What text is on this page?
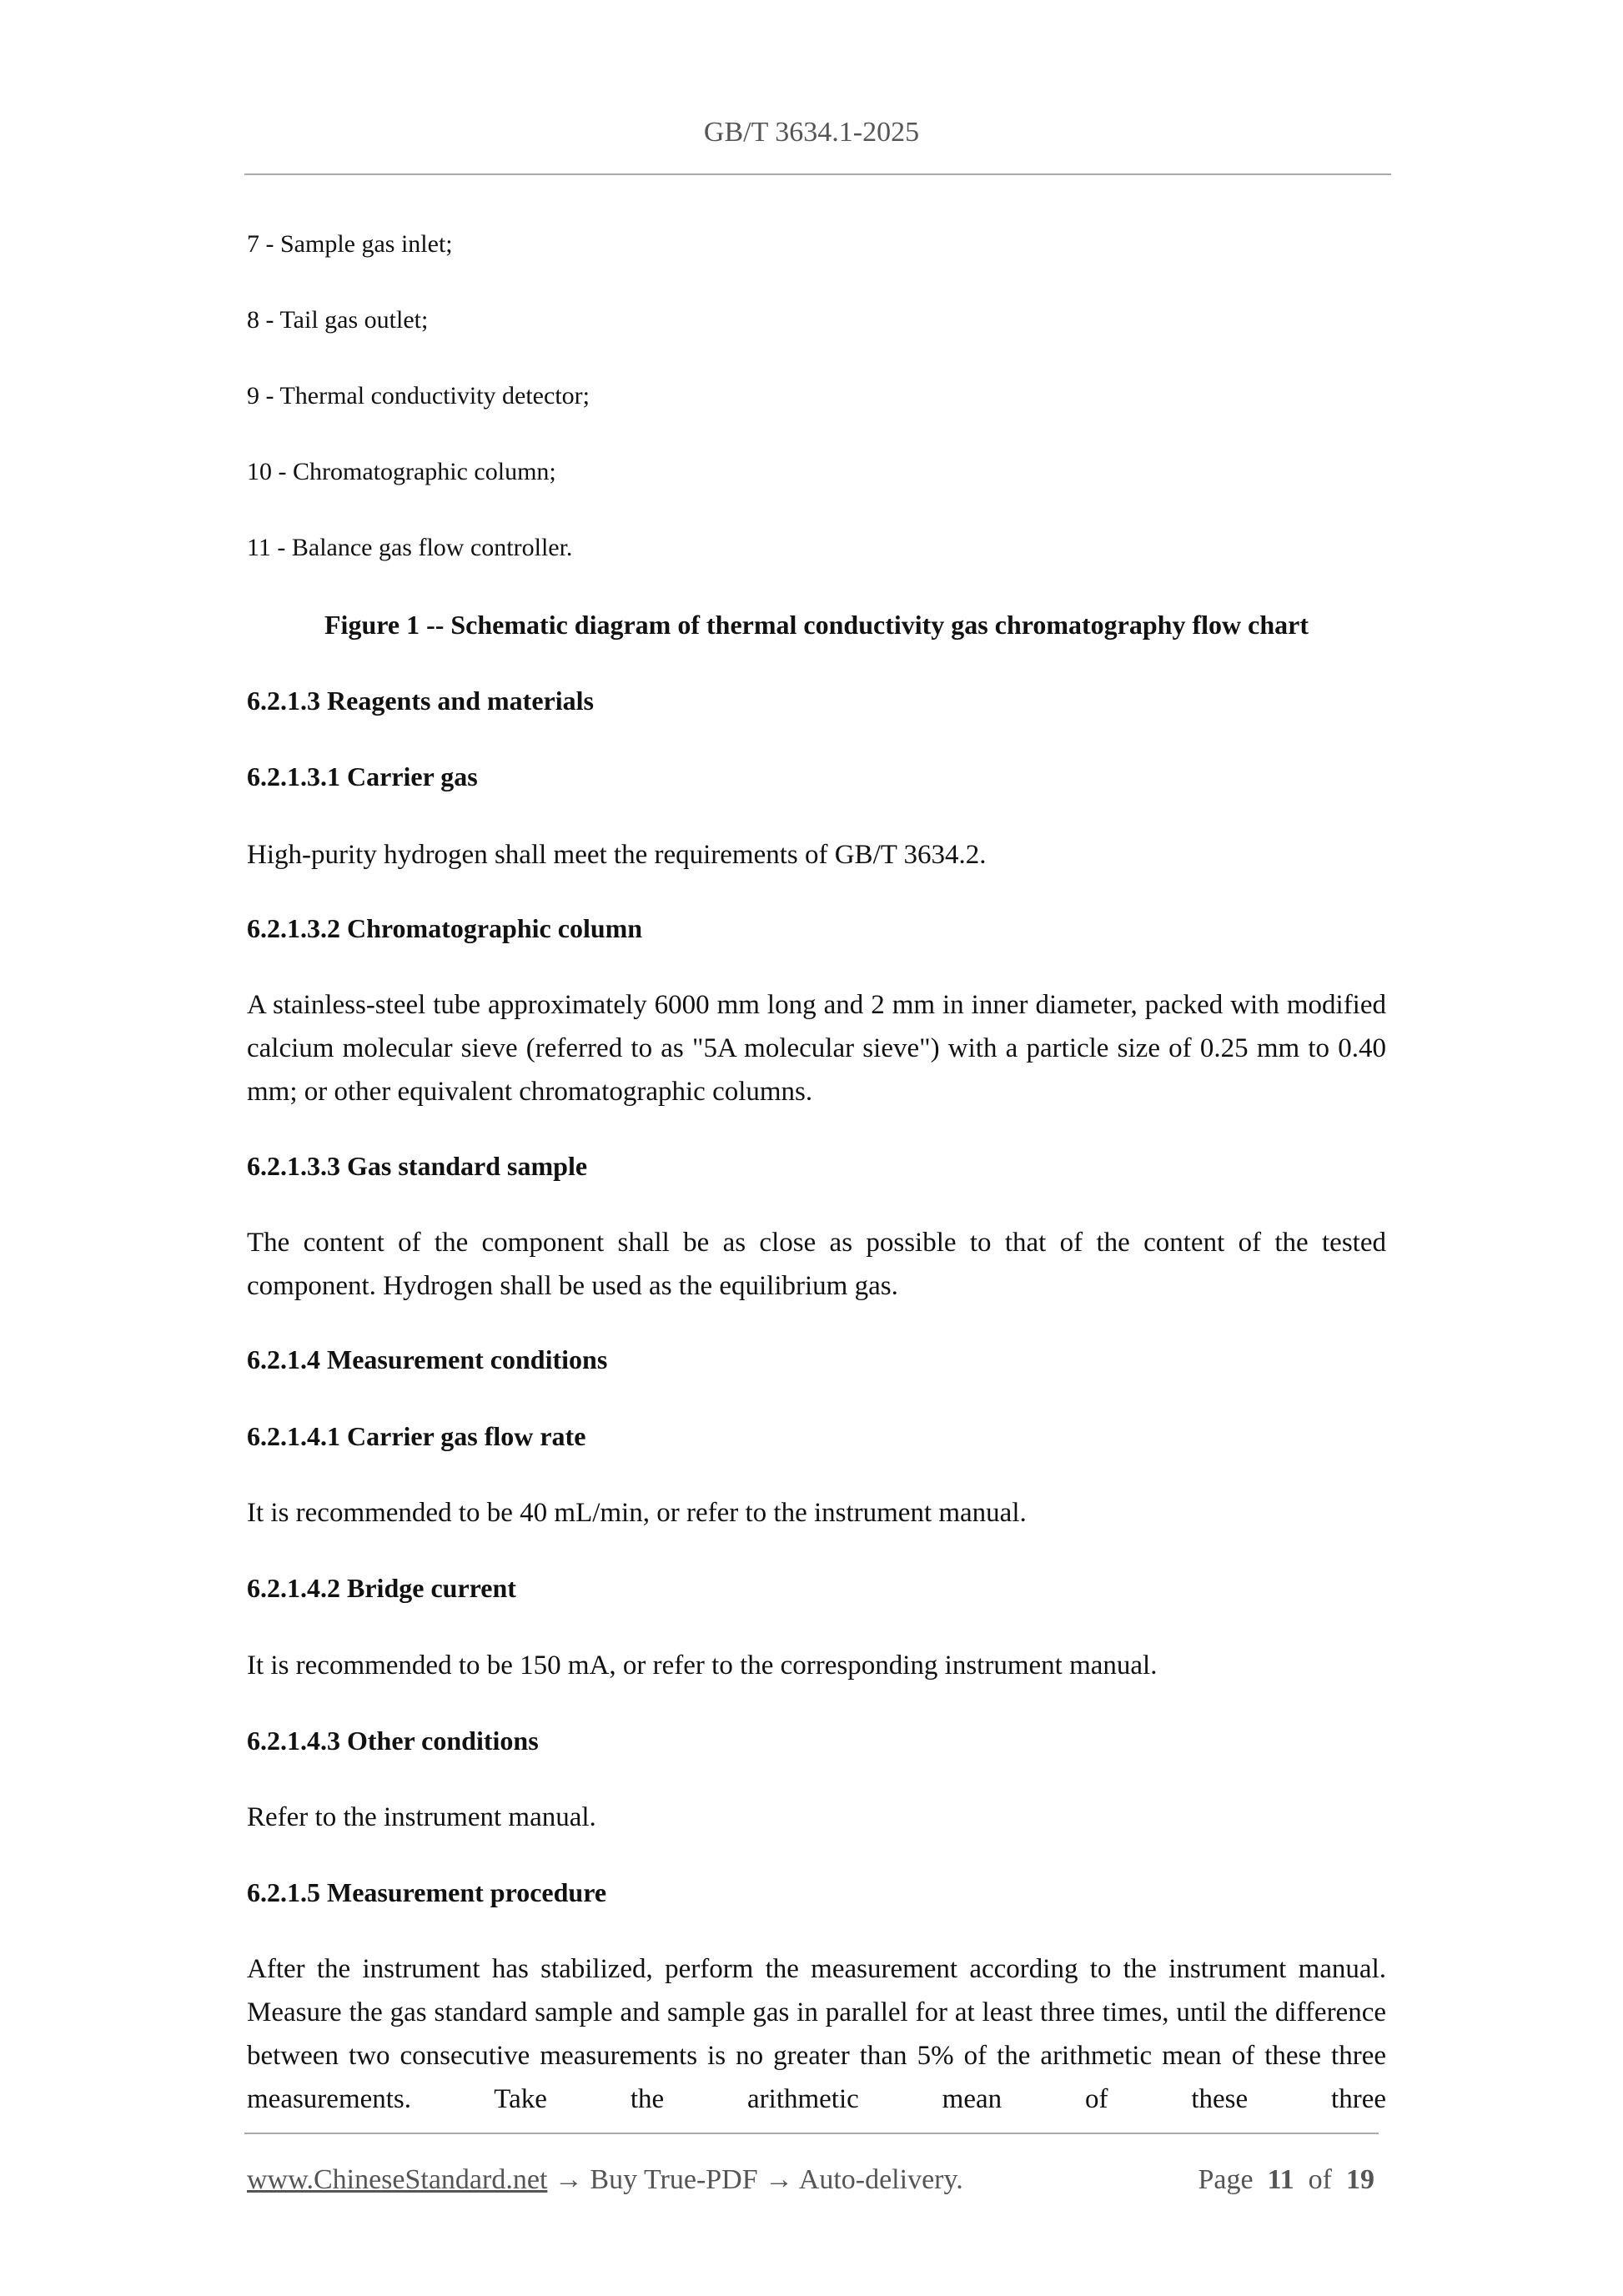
GB/T 3634.1-2025
7 - Sample gas inlet;
8 - Tail gas outlet;
9 - Thermal conductivity detector;
10 - Chromatographic column;
11 - Balance gas flow controller.
Figure 1 -- Schematic diagram of thermal conductivity gas chromatography flow chart
6.2.1.3 Reagents and materials
6.2.1.3.1 Carrier gas
High-purity hydrogen shall meet the requirements of GB/T 3634.2.
6.2.1.3.2 Chromatographic column
A stainless-steel tube approximately 6000 mm long and 2 mm in inner diameter, packed with modified calcium molecular sieve (referred to as "5A molecular sieve") with a particle size of 0.25 mm to 0.40 mm; or other equivalent chromatographic columns.
6.2.1.3.3 Gas standard sample
The content of the component shall be as close as possible to that of the content of the tested component. Hydrogen shall be used as the equilibrium gas.
6.2.1.4 Measurement conditions
6.2.1.4.1 Carrier gas flow rate
It is recommended to be 40 mL/min, or refer to the instrument manual.
6.2.1.4.2 Bridge current
It is recommended to be 150 mA, or refer to the corresponding instrument manual.
6.2.1.4.3 Other conditions
Refer to the instrument manual.
6.2.1.5 Measurement procedure
After the instrument has stabilized, perform the measurement according to the instrument manual. Measure the gas standard sample and sample gas in parallel for at least three times, until the difference between two consecutive measurements is no greater than 5% of the arithmetic mean of these three measurements. Take the arithmetic mean of these three
www.ChineseStandard.net → Buy True-PDF → Auto-delivery.	Page 11 of 19
